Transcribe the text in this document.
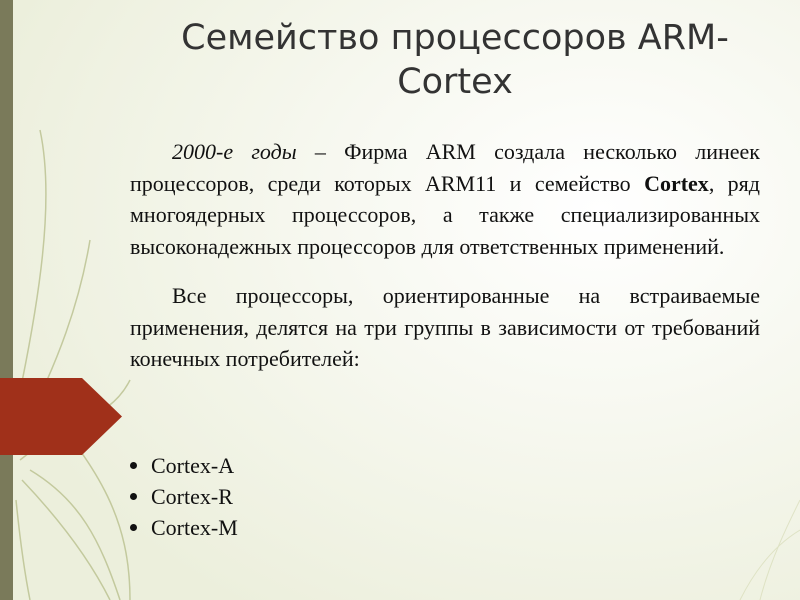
Семейство процессоров ARM-Cortex

2000-е годы – Фирма ARM создала несколько линеек процессоров, среди которых ARM11 и семейство Cortex, ряд многоядерных процессоров, а также специализированных высоконадежных процессоров для ответственных применений.

Все процессоры, ориентированные на встраиваемые применения, делятся на три группы в зависимости от требований конечных потребителей:

Cortex-A
Cortex-R
Cortex-M
